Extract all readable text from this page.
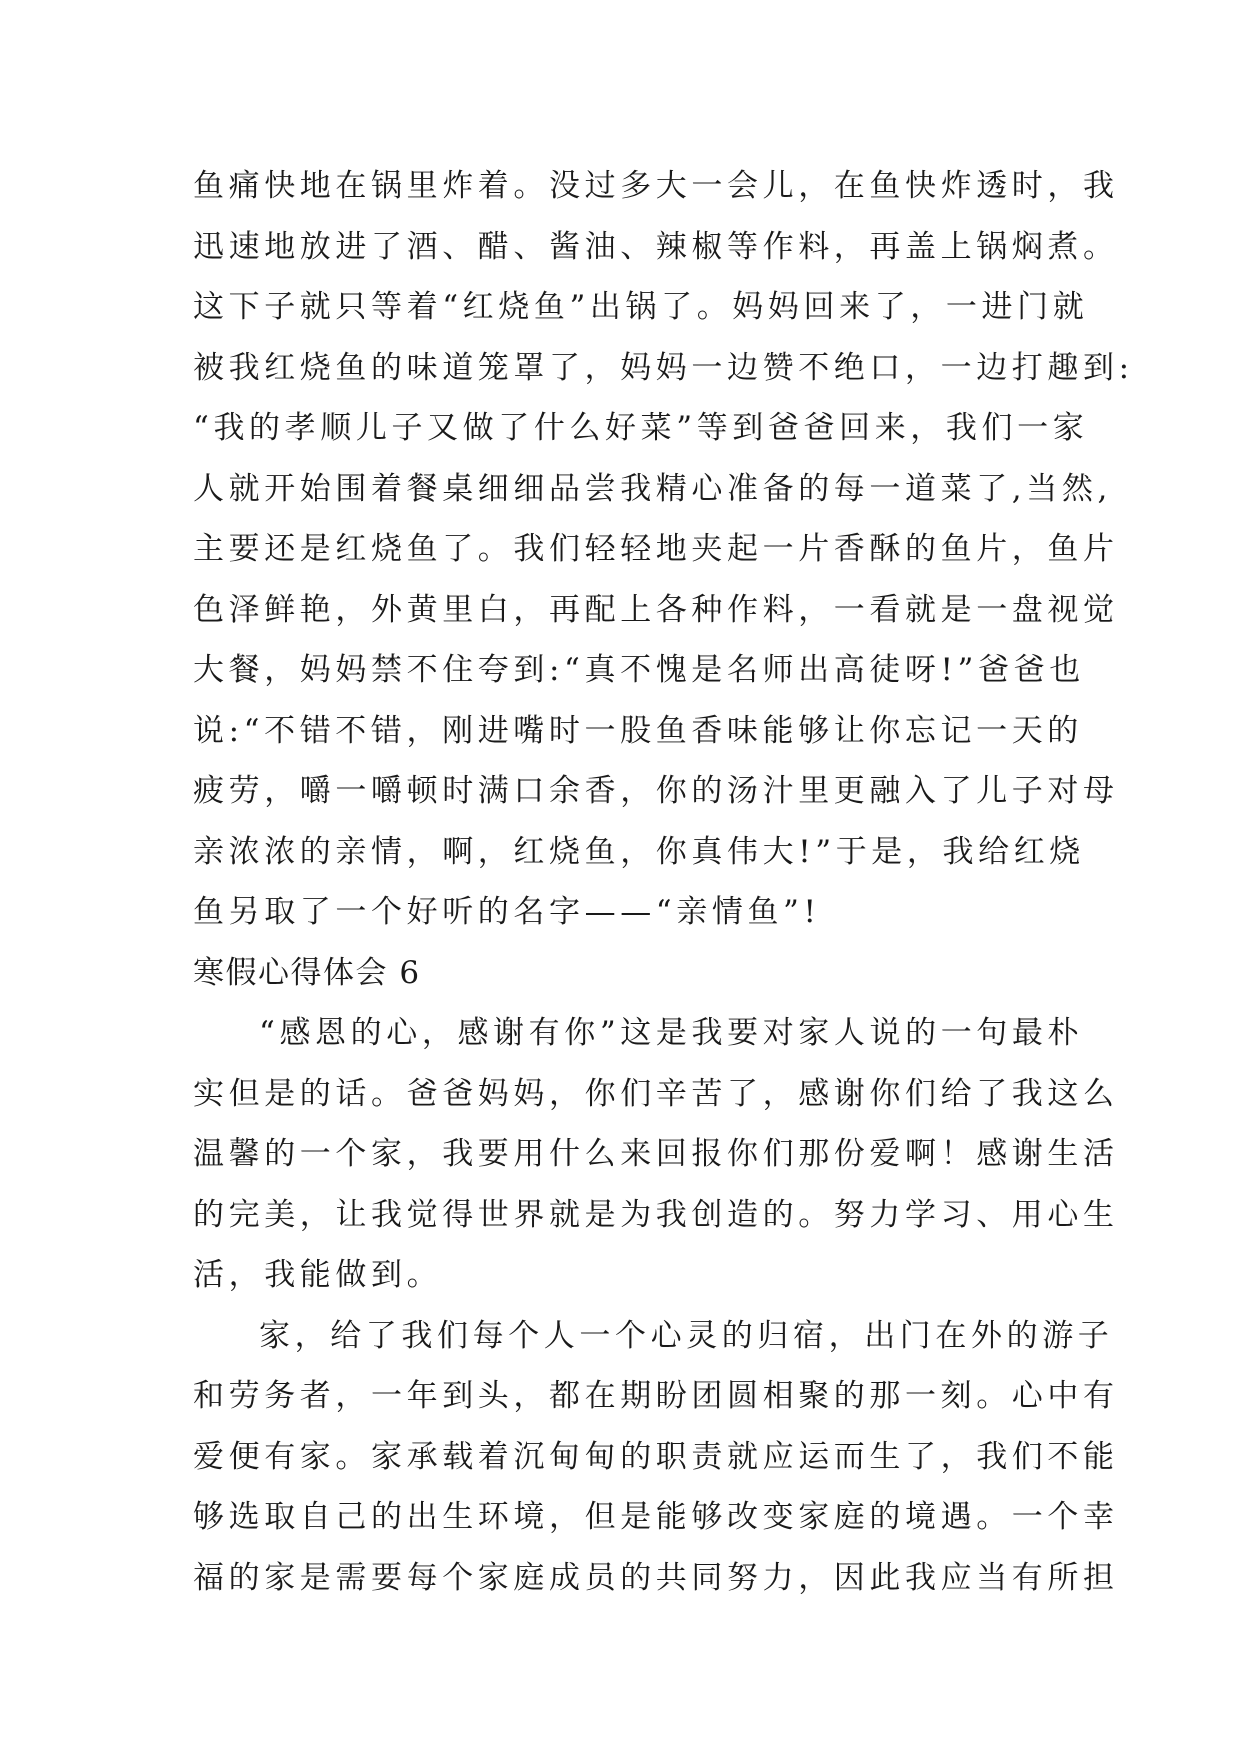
鱼痛快地在锅里炸着。没过多大一会儿，在鱼快炸透时，我
迅速地放进了酒、醋、酱油、辣椒等作料，再盖上锅焖煮。
这下子就只等着“红烧鱼”出锅了。妈妈回来了，一进门就
被我红烧鱼的味道笼罩了，妈妈一边赞不绝口，一边打趣到:
“我的孝顺儿子又做了什么好菜”等到爸爸回来，我们一家
人就开始围着餐桌细细品尝我精心准备的每一道菜了,当然,
主要还是红烧鱼了。我们轻轻地夹起一片香酥的鱼片，鱼片
色泽鲜艳，外黄里白，再配上各种作料，一看就是一盘视觉
大餐，妈妈禁不住夸到:“真不愧是名师出高徒呀!”爸爸也
说:“不错不错，刚进嘴时一股鱼香味能够让你忘记一天的
疲劳，嚼一嚼顿时满口余香，你的汤汁里更融入了儿子对母
亲浓浓的亲情，啊，红烧鱼，你真伟大!”于是，我给红烧
鱼另取了一个好听的名字——“亲情鱼”!
寒假心得体会 6
“感恩的心，感谢有你”这是我要对家人说的一句最朴
实但是的话。爸爸妈妈，你们辛苦了，感谢你们给了我这么
温馨的一个家，我要用什么来回报你们那份爱啊！感谢生活
的完美，让我觉得世界就是为我创造的。努力学习、用心生
活，我能做到。
家，给了我们每个人一个心灵的归宿，出门在外的游子
和劳务者，一年到头，都在期盼团圆相聚的那一刻。心中有
爱便有家。家承载着沉甸甸的职责就应运而生了，我们不能
够选取自己的出生环境，但是能够改变家庭的境遇。一个幸
福的家是需要每个家庭成员的共同努力，因此我应当有所担
